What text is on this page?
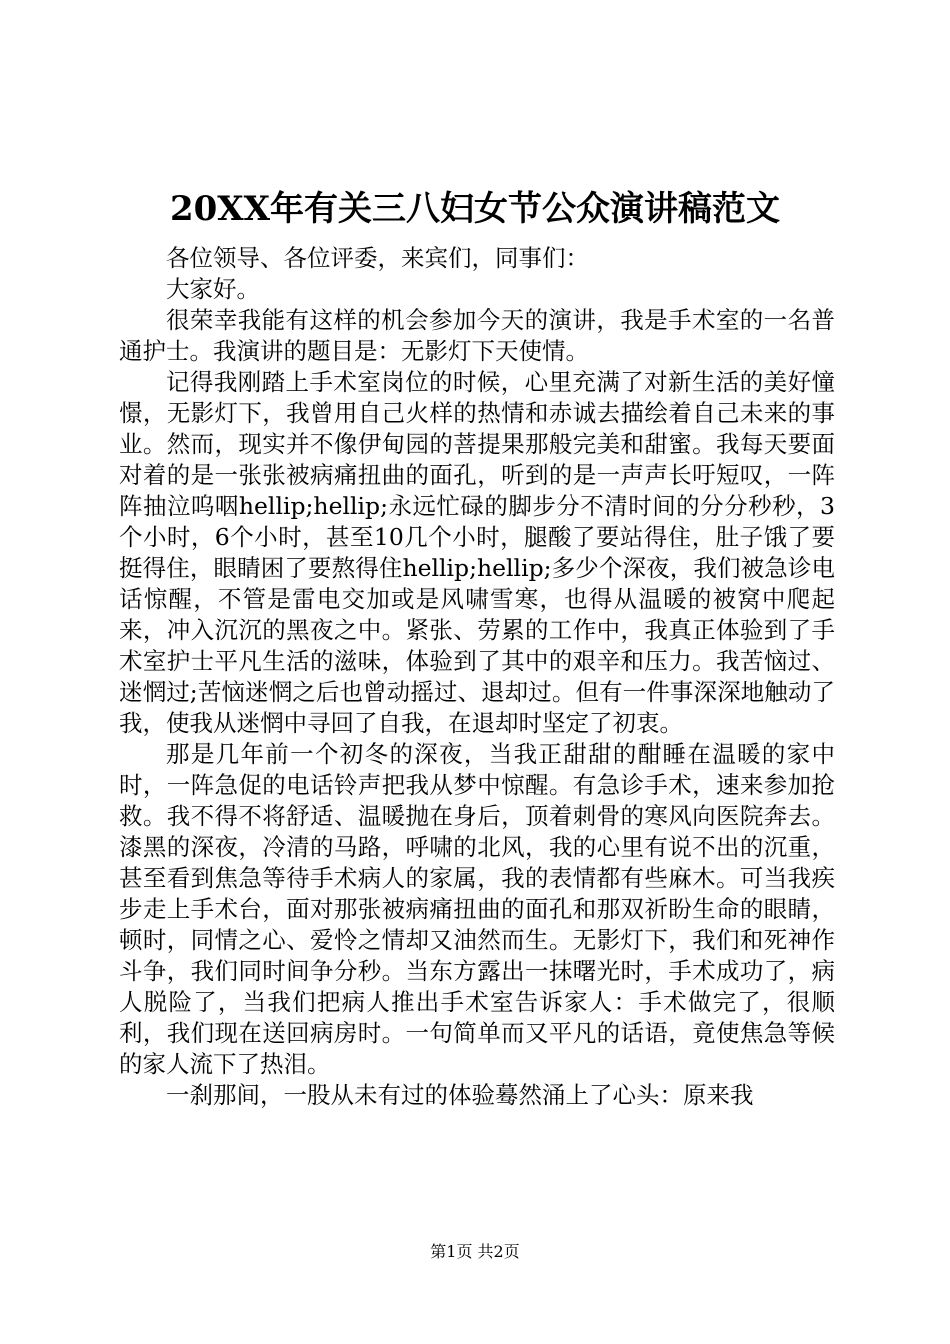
20XX年有关三八妇女节公众演讲稿范文

各位领导、各位评委，来宾们，同事们：

大家好。

很荣幸我能有这样的机会参加今天的演讲，我是手术室的一名普通护士。我演讲的题目是：无影灯下天使情。

记得我刚踏上手术室岗位的时候，心里充满了对新生活的美好憧憬，无影灯下，我曾用自己火样的热情和赤诚去描绘着自己未来的事业。然而，现实并不像伊甸园的菩提果那般完美和甜蜜。我每天要面对着的是一张张被病痛扭曲的面孔，听到的是一声声长吁短叹，一阵阵抽泣呜咽hellip;hellip;永远忙碌的脚步分不清时间的分分秒秒，3个小时，6个小时，甚至10几个小时，腿酸了要站得住，肚子饿了要挺得住，眼睛困了要熬得住hellip;hellip;多少个深夜，我们被急诊电话惊醒，不管是雷电交加或是风啸雪寒，也得从温暖的被窝中爬起来，冲入沉沉的黑夜之中。紧张、劳累的工作中，我真正体验到了手术室护士平凡生活的滋味，体验到了其中的艰辛和压力。我苦恼过、迷惘过;苦恼迷惘之后也曾动摇过、退却过。但有一件事深深地触动了我，使我从迷惘中寻回了自我，在退却时坚定了初衷。

那是几年前一个初冬的深夜，当我正甜甜的酣睡在温暖的家中时，一阵急促的电话铃声把我从梦中惊醒。有急诊手术，速来参加抢救。我不得不将舒适、温暖抛在身后，顶着刺骨的寒风向医院奔去。漆黑的深夜，冷清的马路，呼啸的北风，我的心里有说不出的沉重，甚至看到焦急等待手术病人的家属，我的表情都有些麻木。可当我疾步走上手术台，面对那张被病痛扭曲的面孔和那双祈盼生命的眼睛，顿时，同情之心、爱怜之情却又油然而生。无影灯下，我们和死神作斗争，我们同时间争分秒。当东方露出一抹曙光时，手术成功了，病人脱险了，当我们把病人推出手术室告诉家人：手术做完了，很顺利，我们现在送回病房时。一句简单而又平凡的话语，竟使焦急等候的家人流下了热泪。

一刹那间，一股从未有过的体验蓦然涌上了心头：原来我

第1页 共2页
